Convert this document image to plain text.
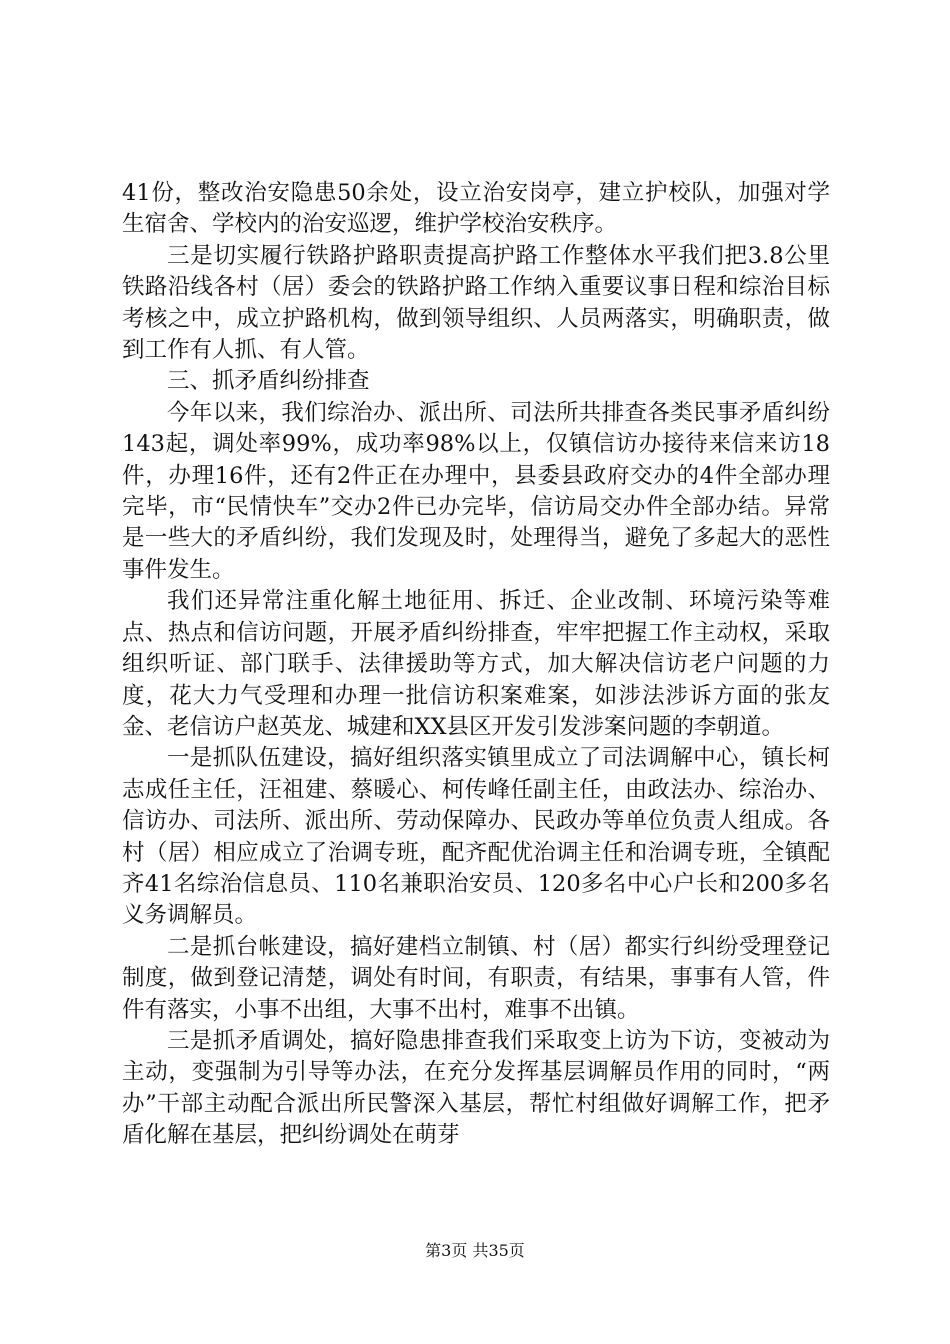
41份，整改治安隐患50余处，设立治安岗亭，建立护校队，加强对学生宿舍、学校内的治安巡逻，维护学校治安秩序。

三是切实履行铁路护路职责提高护路工作整体水平我们把3.8公里铁路沿线各村（居）委会的铁路护路工作纳入重要议事日程和综治目标考核之中，成立护路机构，做到领导组织、人员两落实，明确职责，做到工作有人抓、有人管。

三、抓矛盾纠纷排查

今年以来，我们综治办、派出所、司法所共排查各类民事矛盾纠纷143起，调处率99%，成功率98%以上，仅镇信访办接待来信来访18件，办理16件，还有2件正在办理中，县委县政府交办的4件全部办理完毕，市“民情快车”交办2件已办完毕，信访局交办件全部办结。异常是一些大的矛盾纠纷，我们发现及时，处理得当，避免了多起大的恶性事件发生。

我们还异常注重化解土地征用、拆迁、企业改制、环境污染等难点、热点和信访问题，开展矛盾纠纷排查，牢牢把握工作主动权，采取组织听证、部门联手、法律援助等方式，加大解决信访老户问题的力度，花大力气受理和办理一批信访积案难案，如涉法涉诉方面的张友金、老信访户赵英龙、城建和XX县区开发引发涉案问题的李朝道。

一是抓队伍建设，搞好组织落实镇里成立了司法调解中心，镇长柯志成任主任，汪祖建、蔡暖心、柯传峰任副主任，由政法办、综治办、信访办、司法所、派出所、劳动保障办、民政办等单位负责人组成。各村（居）相应成立了治调专班，配齐配优治调主任和治调专班，全镇配齐41名综治信息员、110名兼职治安员、120多名中心户长和200多名义务调解员。

二是抓台帐建设，搞好建档立制镇、村（居）都实行纠纷受理登记制度，做到登记清楚，调处有时间，有职责，有结果，事事有人管，件件有落实，小事不出组，大事不出村，难事不出镇。

三是抓矛盾调处，搞好隐患排查我们采取变上访为下访，变被动为主动，变强制为引导等办法，在充分发挥基层调解员作用的同时，“两办”干部主动配合派出所民警深入基层，帮忙村组做好调解工作，把矛盾化解在基层，把纠纷调处在萌芽

第3页 共35页
